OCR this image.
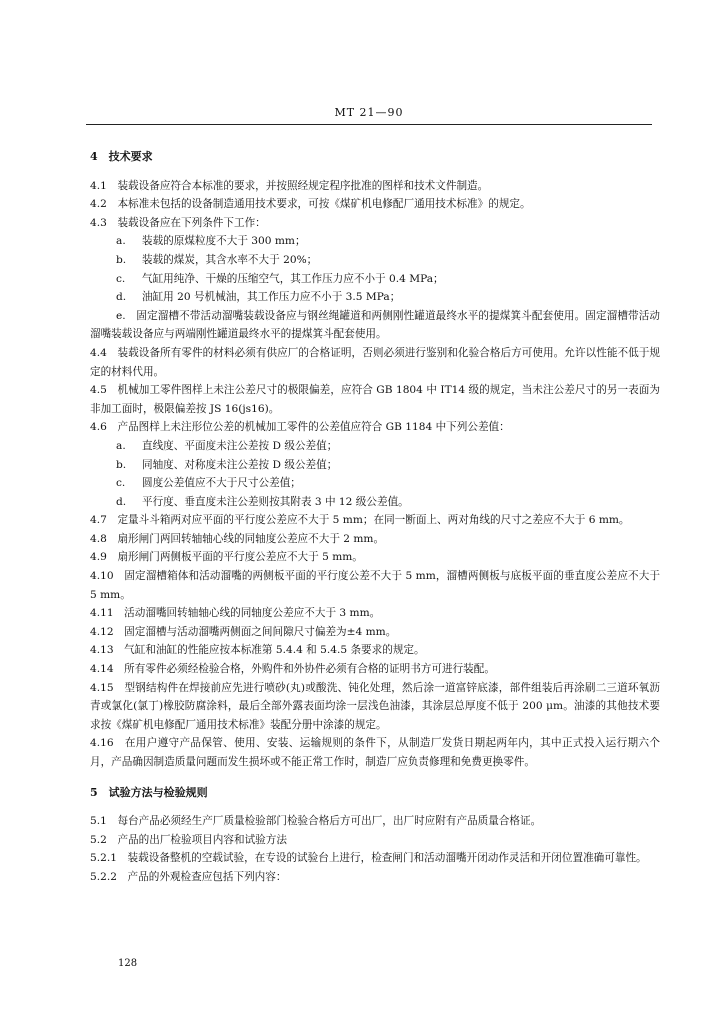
MT 21—90

4　技术要求

4.1　装载设备应符合本标准的要求，并按照经规定程序批准的图样和技术文件制造。

4.2　本标准未包括的设备制造通用技术要求，可按《煤矿机电修配厂通用技术标准》的规定。

4.3　装载设备应在下列条件下工作：

a. 装载的原煤粒度不大于 300 mm；

b. 装载的煤炭，其含水率不大于 20%；

c. 气缸用纯净、干燥的压缩空气，其工作压力应不小于 0.4 MPa；

d. 油缸用 20 号机械油，其工作压力应不小于 3.5 MPa；

e.　固定溜槽不带活动溜嘴装载设备应与钢丝绳罐道和两侧刚性罐道最终水平的提煤箕斗配套使用。固定溜槽带活动溜嘴装载设备应与两端刚性罐道最终水平的提煤箕斗配套使用。

4.4　装载设备所有零件的材料必须有供应厂的合格证明，否则必须进行鉴别和化验合格后方可使用。允许以性能不低于规定的材料代用。

4.5　机械加工零件图样上未注公差尺寸的极限偏差，应符合 GB 1804 中 IT14 级的规定，当未注公差尺寸的另一表面为非加工面时，极限偏差按 JS 16(js16)。

4.6　产品图样上未注形位公差的机械加工零件的公差值应符合 GB 1184 中下列公差值：

a. 直线度、平面度未注公差按 D 级公差值；

b. 同轴度、对称度未注公差按 D 级公差值；

c. 圆度公差值应不大于尺寸公差值；

d. 平行度、垂直度未注公差则按其附表 3 中 12 级公差值。

4.7　定量斗斗箱两对应平面的平行度公差应不大于 5 mm；在同一断面上、两对角线的尺寸之差应不大于 6 mm。

4.8　扇形闸门两回转轴轴心线的同轴度公差应不大于 2 mm。

4.9　扇形闸门两侧板平面的平行度公差应不大于 5 mm。

4.10　固定溜槽箱体和活动溜嘴的两侧板平面的平行度公差不大于 5 mm，溜槽两侧板与底板平面的垂直度公差应不大于 5 mm。

4.11　活动溜嘴回转轴轴心线的同轴度公差应不大于 3 mm。

4.12　固定溜槽与活动溜嘴两侧面之间间隙尺寸偏差为±4 mm。

4.13　气缸和油缸的性能应按本标准第 5.4.4 和 5.4.5 条要求的规定。

4.14　所有零件必须经检验合格，外购件和外协件必须有合格的证明书方可进行装配。

4.15　型钢结构件在焊接前应先进行喷砂(丸)或酸洗、钝化处理，然后涂一道富锌底漆，部件组装后再涂刷二三道环氧沥青或氯化(氯丁)橡胶防腐涂料，最后全部外露表面均涂一层浅色油漆，其涂层总厚度不低于 200 μm。油漆的其他技术要求按《煤矿机电修配厂通用技术标准》装配分册中涂漆的规定。

4.16　在用户遵守产品保管、使用、安装、运输规则的条件下，从制造厂发货日期起两年内，其中正式投入运行期六个月，产品确因制造质量问题而发生损坏或不能正常工作时，制造厂应负责修理和免费更换零件。

5　试验方法与检验规则

5.1　每台产品必须经生产厂质量检验部门检验合格后方可出厂，出厂时应附有产品质量合格证。

5.2　产品的出厂检验项目内容和试验方法

5.2.1　装载设备整机的空载试验，在专设的试验台上进行，检查闸门和活动溜嘴开闭动作灵活和开闭位置准确可靠性。

5.2.2　产品的外观检查应包括下列内容：

128
